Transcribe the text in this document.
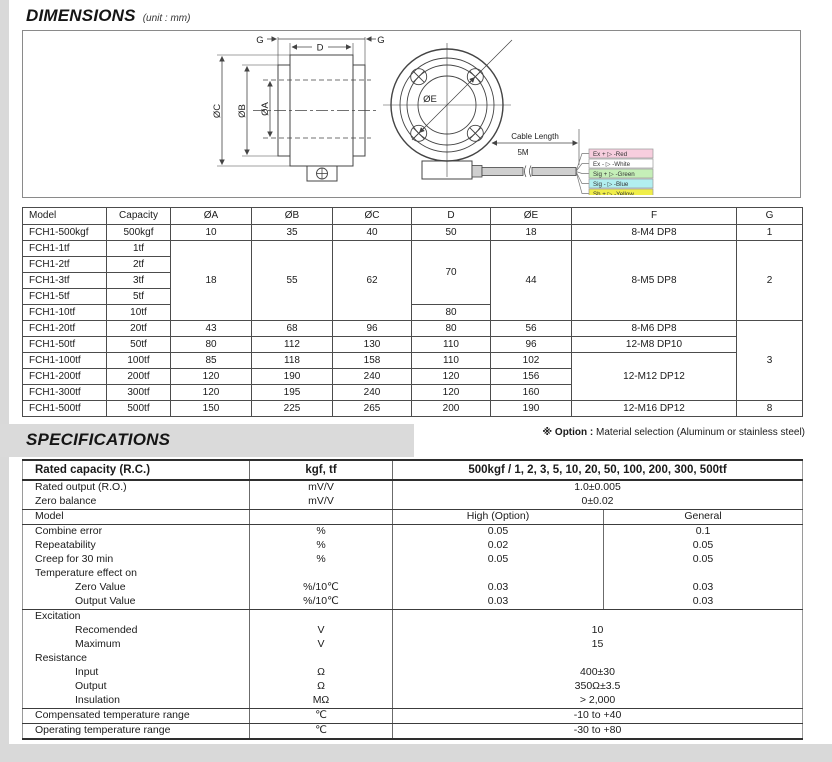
DIMENSIONS (unit : mm)
G
D
G
ØC ØB ØA
ØE
Cable Length
5M	Ex + ▷ -Red
Ex - ▷ -White
Sig + ▷ -Green
Sig - ▷ -Blue
Sh + ▷ -Yellow
Model	Capacity	ØA	ØB	ØC	D	ØE	F	G
FCH1-500kgf	500kgf	10	35	40	50	18	8-M4 DP8	1
FCH1-1tf	1tf	18	55	62	70	44	8-M5 DP8	2
FCH1-2tf	2tf							
FCH1-3tf	3tf							
FCH1-5tf	5tf							
FCH1-10tf	10tf				80			
FCH1-20tf	20tf	43	68	96	80	56	8-M6 DP8	3
FCH1-50tf	50tf	80	112	130	110	96	12-M8 DP10	
FCH1-100tf	100tf	85	118	158	110	102	12-M12 DP12	
FCH1-200tf	200tf	120	190	240	120	156		
FCH1-300tf	300tf	120	195	240	120	160		
FCH1-500tf	500tf	150	225	265	200	190	12-M16 DP12	8
※ Option : Material selection (Aluminum or stainless steel)
SPECIFICATIONS
Rated capacity (R.C.)	kgf, tf	500kgf / 1, 2, 3, 5, 10, 20, 50, 100, 200, 300, 500tf	
Rated output (R.O.)	mV/V	1.0±0.005	
Zero balance	mV/V	0±0.02	
Model		High (Option)	General
Combine error	%	0.05	0.1
Repeatability	%	0.02	0.05
Creep for 30 min	%	0.05	0.05
Temperature effect on			
Zero Value	%/10℃	0.03	0.03
Output Value	%/10℃	0.03	0.03
Excitation			
Recomended	V	10	
Maximum	V	15	
Resistance			
Input	Ω	400±30	
Output	Ω	350Ω±3.5	
Insulation	MΩ	> 2,000	
Compensated temperature range	℃	-10 to +40	
Operating temperature range	℃	-30 to +80	
